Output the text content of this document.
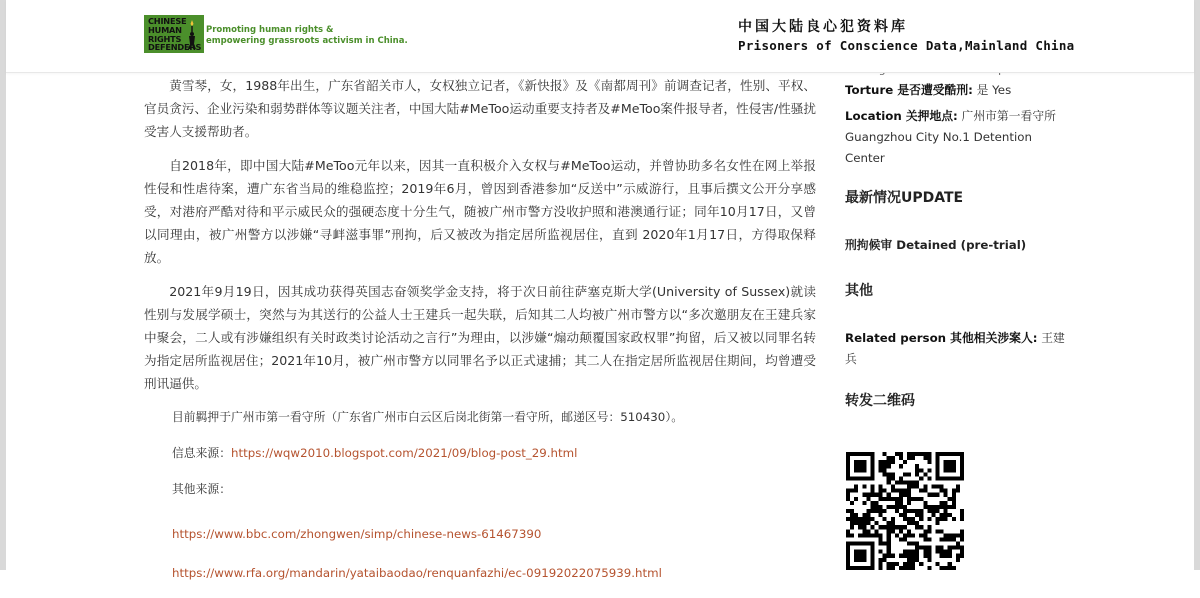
CHINESE
HUMAN
RIGHTS
DEFENDERS
Promoting human rights &
empowering grassroots activism in China.
中国大陆良心犯资料库
Prisoners of Conscience Data,Mainland China

黄雪琴，女，1988年出生，广东省韶关市人，女权独立记者，《新快报》及《南都周刊》前调查记者，性别、平权、官员贪污、企业污染和弱势群体等议题关注者，中国大陆#MeToo运动重要支持者及#MeToo案件报导者，性侵害/性骚扰受害人支援帮助者。

自2018年，即中国大陆#MeToo元年以来，因其一直积极介入女权与#MeToo运动，并曾协助多名女性在网上举报性侵和性虐待案，遭广东省当局的维稳监控；2019年6月，曾因到香港参加“反送中”示威游行，且事后撰文公开分享感受，对港府严酷对待和平示威民众的强硬态度十分生气，随被广州市警方没收护照和港澳通行证；同年10月17日，又曾以同理由，被广州警方以涉嫌“寻衅滋事罪”刑拘，后又被改为指定居所监视居住，直到 2020年1月17日，方得取保释放。

2021年9月19日，因其成功获得英国志奋领奖学金支持，将于次日前往萨塞克斯大学(University of Sussex)就读性别与发展学硕士，突然与为其送行的公益人士王建兵一起失联，后知其二人均被广州市警方以“多次邀朋友在王建兵家中聚会，二人或有涉嫌组织有关时政类讨论活动之言行”为理由，以涉嫌“煽动颠覆国家政权罪”拘留，后又被以同罪名转为指定居所监视居住；2021年10月，被广州市警方以同罪名予以正式逮捕；其二人在指定居所监视居住期间，均曾遭受刑讯逼供。

目前羁押于广州市第一看守所（广东省广州市白云区后岗北街第一看守所，邮递区号：510430）。
信息来源：https://wqw2010.blogspot.com/2021/09/blog-post_29.html
其他来源：
https://www.bbc.com/zhongwen/simp/chinese-news-61467390
https://www.rfa.org/mandarin/yataibaodao/renquanfazhi/ec-09192022075939.html
Torture 是否遭受酷刑: 是 Yes
Location 关押地点: 广州市第一看守所 Guangzhou City No.1 Detention Center
最新情况UPDATE
刑拘候审 Detained (pre-trial)
其他
Related person 其他相关涉案人: 王建兵
转发二维码
